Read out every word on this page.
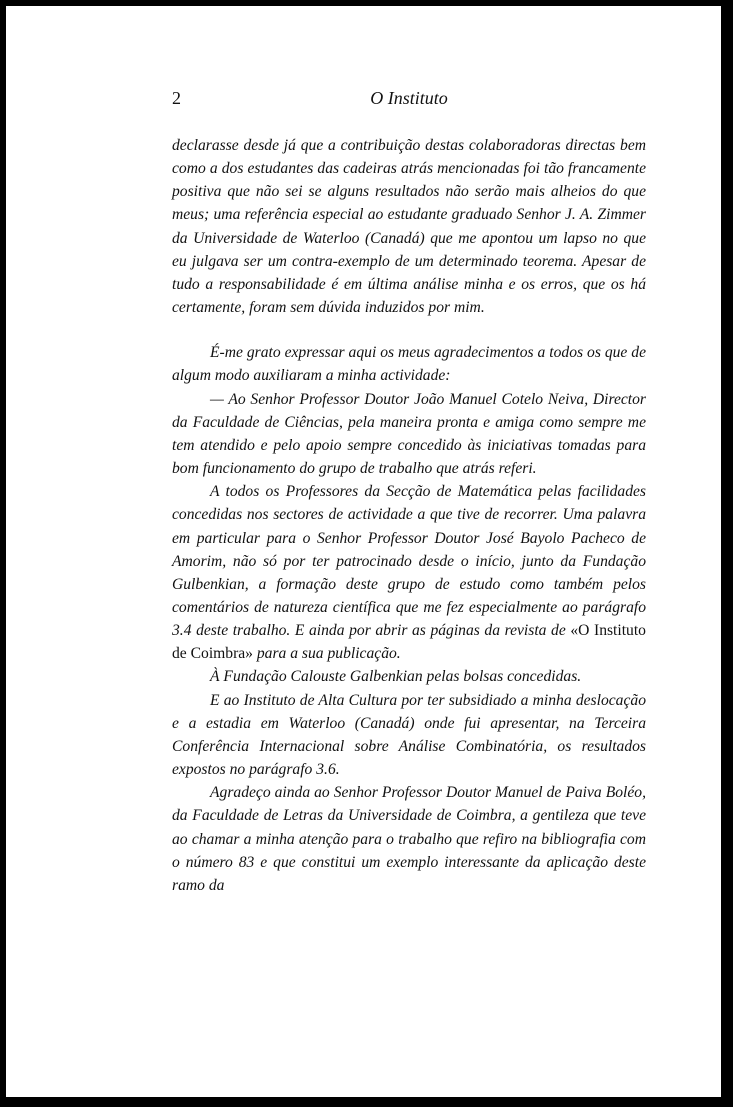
2	O Instituto

declarasse desde já que a contribuição destas colaboradoras directas bem como a dos estudantes das cadeiras atrás mencionadas foi tão francamente positiva que não sei se alguns resultados não serão mais alheios do que meus; uma referência especial ao estudante graduado Senhor J. A. Zimmer da Universidade de Waterloo (Canadá) que me apontou um lapso no que eu julgava ser um contra-exemplo de um determinado teorema. Apesar de tudo a responsabilidade é em última análise minha e os erros, que os há certamente, foram sem dúvida induzidos por mim.

É-me grato expressar aqui os meus agradecimentos a todos os que de algum modo auxiliaram a minha actividade:

— Ao Senhor Professor Doutor João Manuel Cotelo Neiva, Director da Faculdade de Ciências, pela maneira pronta e amiga como sempre me tem atendido e pelo apoio sempre concedido às iniciativas tomadas para bom funcionamento do grupo de trabalho que atrás referi.

A todos os Professores da Secção de Matemática pelas facilidades concedidas nos sectores de actividade a que tive de recorrer. Uma palavra em particular para o Senhor Professor Doutor José Bayolo Pacheco de Amorim, não só por ter patrocinado desde o início, junto da Fundação Gulbenkian, a formação deste grupo de estudo como também pelos comentários de natureza científica que me fez especialmente ao parágrafo 3.4 deste trabalho. E ainda por abrir as páginas da revista de «O Instituto de Coimbra» para a sua publicação.

À Fundação Calouste Galbenkian pelas bolsas concedidas.

E ao Instituto de Alta Cultura por ter subsidiado a minha deslocação e a estadia em Waterloo (Canadá) onde fui apresentar, na Terceira Conferência Internacional sobre Análise Combinatória, os resultados expostos no parágrafo 3.6.

Agradeço ainda ao Senhor Professor Doutor Manuel de Paiva Boléo, da Faculdade de Letras da Universidade de Coimbra, a gentileza que teve ao chamar a minha atenção para o trabalho que refiro na bibliografia com o número 83 e que constitui um exemplo interessante da aplicação deste ramo da
